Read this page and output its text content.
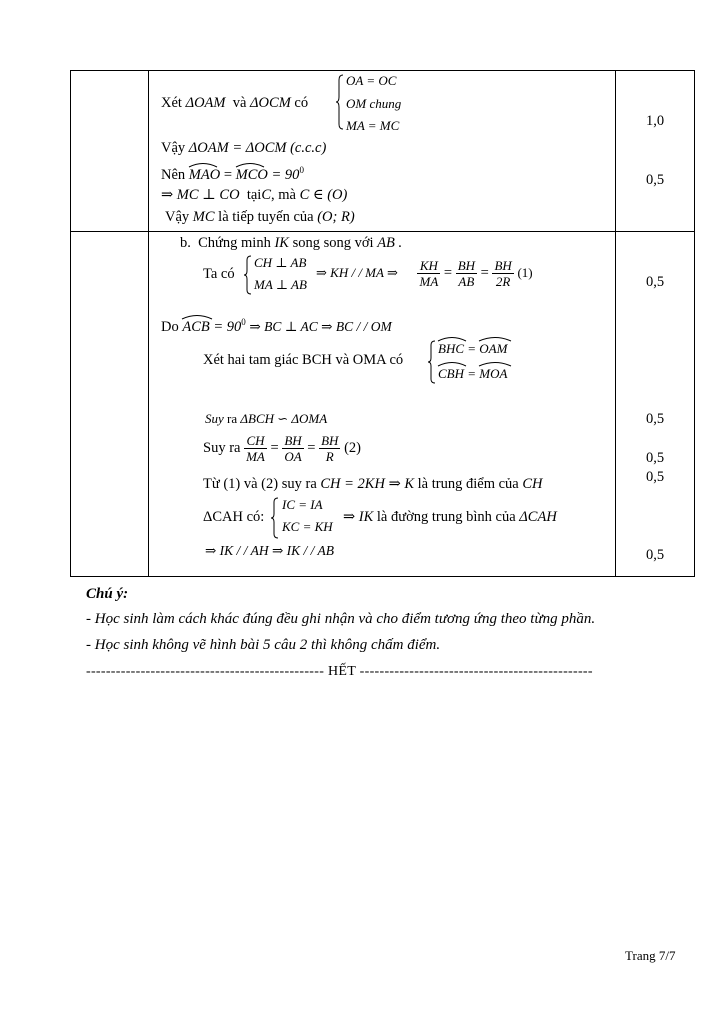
OA = OC
OM chung
MA = MC
Xét ΔOAM và ΔOCM có
1,0
Vậy ΔOAM = ΔOCM (c.c.c)
Nên MAO =
MCO = $90^0$
0,5
⇒ MC ⊥ CO tạiC, mà C ∈ (O)
Vậy MC là tiếp tuyến của (O; R)
b. Chứng minh IK song song với AB .
Ta có
CH ⊥ AB
MA ⊥ AB
⇒ KH / / MA ⇒ $\frac{KH}{MA} = \frac{BH}{AB} = \frac{BH}{2R} (1)$
0,5
Do ACB = $90^0$ ⇒ BC ⊥ AC ⇒ BC / / OM
Xét hai tam giác BCH và OMA có
BHC = OAM
CBH = MOA
Suy ra ΔBCH ∽ ΔOMA	0,5
Suy ra $\frac{CH}{MA} = \frac{BH}{OA} = \frac{BH}{R} (2)$
0,5
0,5
Từ (1) và (2) suy ra CH = 2KH ⇒ K là trung điểm của CH
ΔCAH có:
IC = IA
KC = KH
⇒ IK là đường trung bình của ΔCAH
⇒ IK / / AH ⇒ IK / / AB	0,5
Chú ý:
- Học sinh làm cách khác đúng đều ghi nhận và cho điểm tương ứng theo từng phần.
- Học sinh không vẽ hình bài 5 câu 2 thì không chấm điểm.
------------------------------------------------ HẾT -----------------------------------------------
Trang 7/7
